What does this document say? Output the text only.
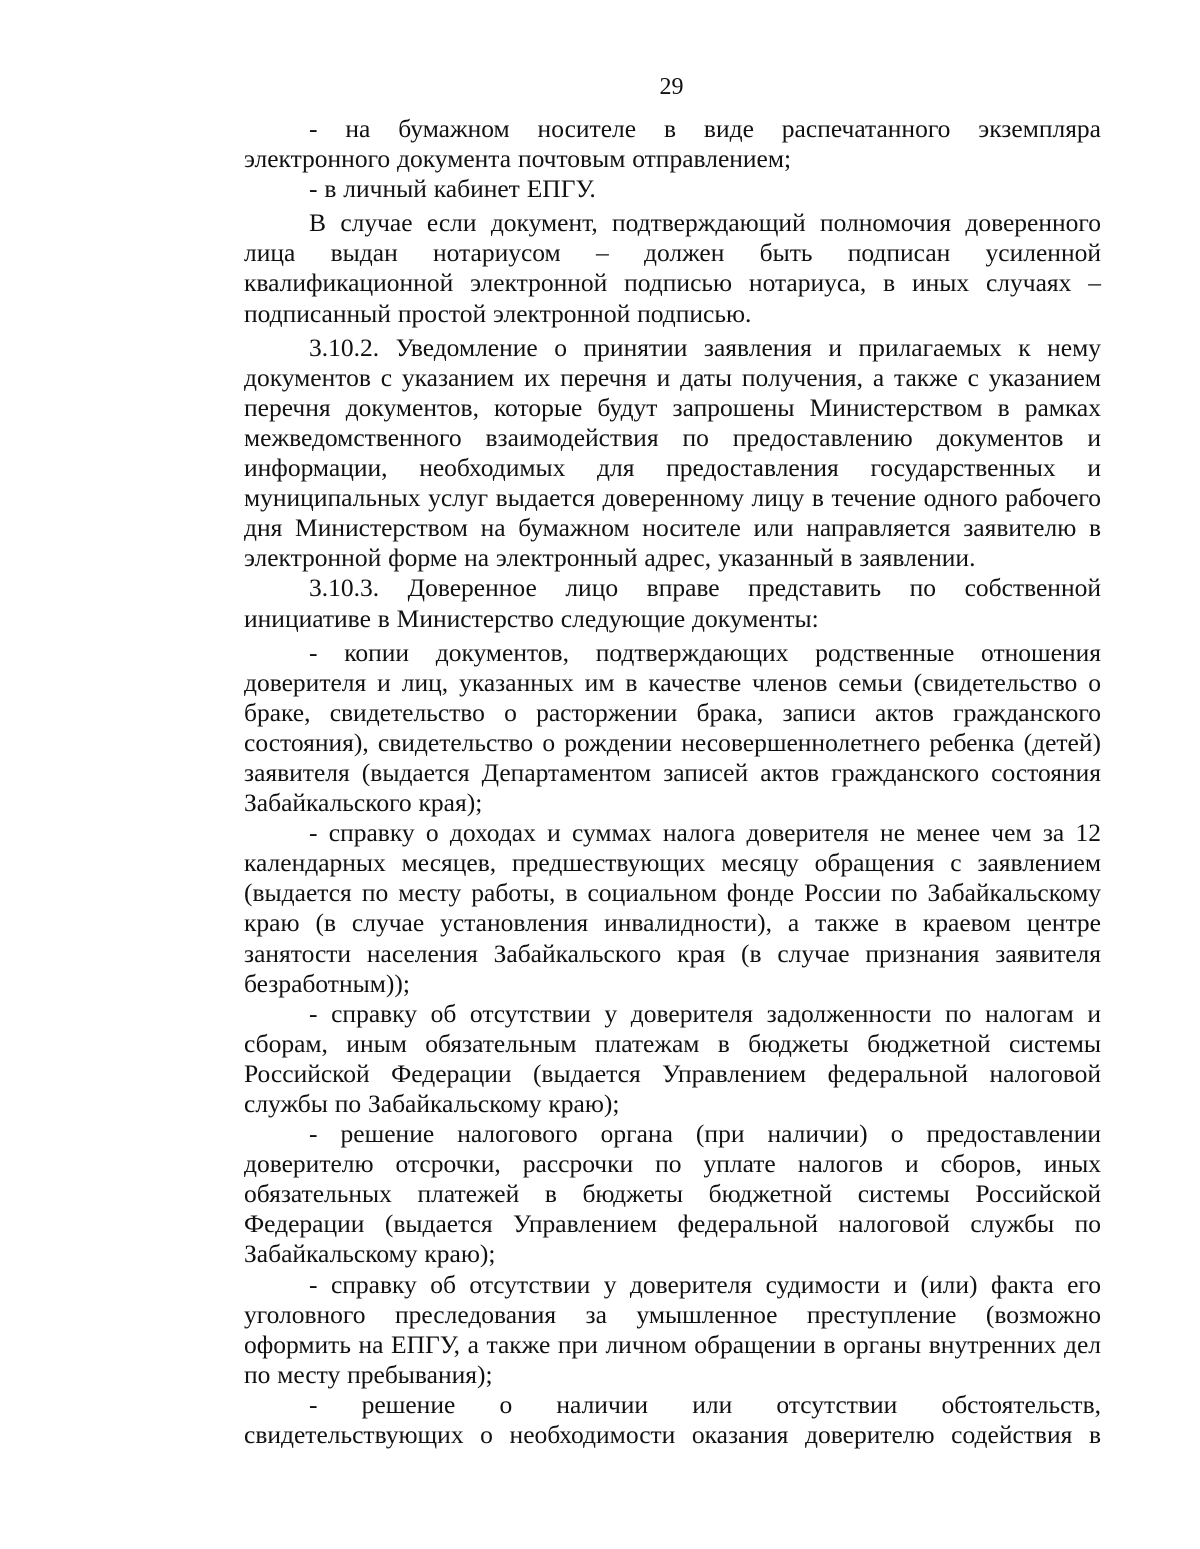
29

- на бумажном носителе в виде распечатанного экземпляра электронного документа почтовым отправлением;

- в личный кабинет ЕПГУ.

В случае если документ, подтверждающий полномочия доверенного лица выдан нотариусом – должен быть подписан усиленной квалификационной электронной подписью нотариуса, в иных случаях – подписанный простой электронной подписью.

3.10.2. Уведомление о принятии заявления и прилагаемых к нему документов с указанием их перечня и даты получения, а также с указанием перечня документов, которые будут запрошены Министерством в рамках межведомственного взаимодействия по предоставлению документов и информации, необходимых для предоставления государственных и муниципальных услуг выдается доверенному лицу в течение одного рабочего дня Министерством на бумажном носителе или направляется заявителю в электронной форме на электронный адрес, указанный в заявлении.

3.10.3. Доверенное лицо вправе представить по собственной инициативе в Министерство следующие документы:

- копии документов, подтверждающих родственные отношения доверителя и лиц, указанных им в качестве членов семьи (свидетельство о браке, свидетельство о расторжении брака, записи актов гражданского состояния), свидетельство о рождении несовершеннолетнего ребенка (детей) заявителя (выдается Департаментом записей актов гражданского состояния Забайкальского края);

- справку о доходах и суммах налога доверителя не менее чем за 12 календарных месяцев, предшествующих месяцу обращения с заявлением (выдается по месту работы, в социальном фонде России по Забайкальскому краю (в случае установления инвалидности), а также в краевом центре занятости населения Забайкальского края (в случае признания заявителя безработным));

- справку об отсутствии у доверителя задолженности по налогам и сборам, иным обязательным платежам в бюджеты бюджетной системы Российской Федерации (выдается Управлением федеральной налоговой службы по Забайкальскому краю);

- решение налогового органа (при наличии) о предоставлении доверителю отсрочки, рассрочки по уплате налогов и сборов, иных обязательных платежей в бюджеты бюджетной системы Российской Федерации (выдается Управлением федеральной налоговой службы по Забайкальскому краю);

- справку об отсутствии у доверителя судимости и (или) факта его уголовного преследования за умышленное преступление (возможно оформить на ЕПГУ, а также при личном обращении в органы внутренних дел по месту пребывания);

- решение о наличии или отсутствии обстоятельств, свидетельствующих о необходимости оказания доверителю содействия в
